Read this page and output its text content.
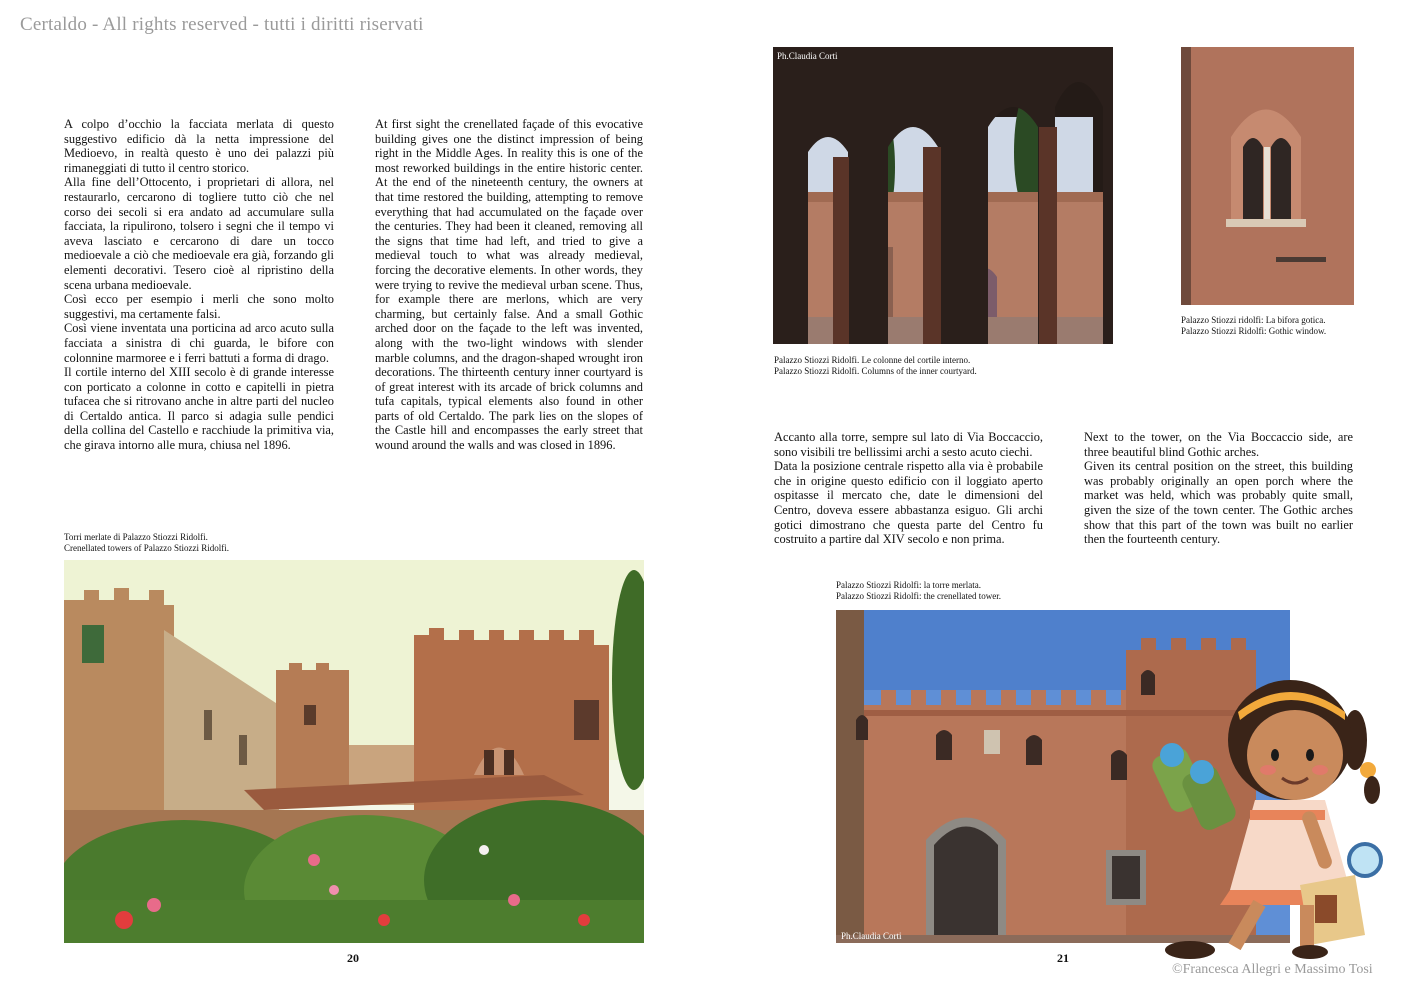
Certaldo - All rights reserved - tutti i diritti riservati

A colpo d’occhio la facciata merlata di questo suggestivo edificio dà la netta impressione del Medioevo, in realtà questo è uno dei palazzi più rimaneggiati di tutto il centro storico.

Alla fine dell’Ottocento, i proprietari di allora, nel restaurarlo, cercarono di togliere tutto ciò che nel corso dei secoli si era andato ad accumulare sulla facciata, la ripulirono, tolsero i segni che il tempo vi aveva lasciato e cercarono di dare un tocco medioevale a ciò che medioevale era già, forzando gli elementi decorativi. Tesero cioè al ripristino della scena urbana medioevale.

Così ecco per esempio i merli che sono molto suggestivi, ma certamente falsi.

Così viene inventata una porticina ad arco acuto sulla facciata a sinistra di chi guarda, le bifore con colonnine marmoree e i ferri battuti a forma di drago.

Il cortile interno del XIII secolo è di grande interesse con porticato a colonne in cotto e capitelli in pietra tufacea che si ritrovano anche in altre parti del nucleo di Certaldo antica. Il parco si adagia sulle pendici della collina del Castello e racchiude la primitiva via, che girava intorno alle mura, chiusa nel 1896.

At first sight the crenellated façade of this evocative building gives one the distinct impression of being right in the Middle Ages. In reality this is one of the most reworked buildings in the entire historic center. At the end of the nineteenth century, the owners at that time restored the building, attempting to remove everything that had accumulated on the façade over the centuries. They had been it cleaned, removing all the signs that time had left, and tried to give a medieval touch to what was already medieval, forcing the decorative elements. In other words, they were trying to revive the medieval urban scene. Thus, for example there are merlons, which are very charming, but certainly false. And a small Gothic arched door on the façade to the left was invented, along with the two-light windows with slender marble columns, and the dragon-shaped wrought iron decorations. The thirteenth century inner courtyard is of great interest with its arcade of brick columns and tufa capitals, typical elements also found in other parts of old Certaldo. The park lies on the slopes of the Castle hill and encompasses the early street that wound around the walls and was closed in 1896.

Torri merlate di Palazzo Stiozzi Ridolfi.

Crenellated towers of Palazzo Stiozzi Ridolfi.

20
Ph.Claudia Corti

Palazzo Stiozzi Ridolfi. Le colonne del cortile interno.

Palazzo Stiozzi Ridolfi. Columns of the inner courtyard.

Palazzo Stiozzi ridolfi: La bifora gotica.

Palazzo Stiozzi Ridolfi: Gothic window.

Accanto alla torre, sempre sul lato di Via Boccaccio, sono visibili tre bellissimi archi a sesto acuto ciechi.

Data la posizione centrale rispetto alla via è probabile che in origine questo edificio con il loggiato aperto ospitasse il mercato che, date le dimensioni del Centro, doveva essere abbastanza esiguo. Gli archi gotici dimostrano che questa parte del Centro fu costruito a partire dal XIV secolo e non prima.

Next to the tower, on the Via Boccaccio side, are three beautiful blind Gothic arches.

Given its central position on the street, this building was probably originally an open porch where the market was held, which was probably quite small, given the size of the town center. The Gothic arches show that this part of the town was built no earlier then the fourteenth century.

Palazzo Stiozzi Ridolfi: la torre merlata.

Palazzo Stiozzi Ridolfi: the crenellated tower.

Ph.Claudia Corti
21
©Francesca Allegri e Massimo Tosi
